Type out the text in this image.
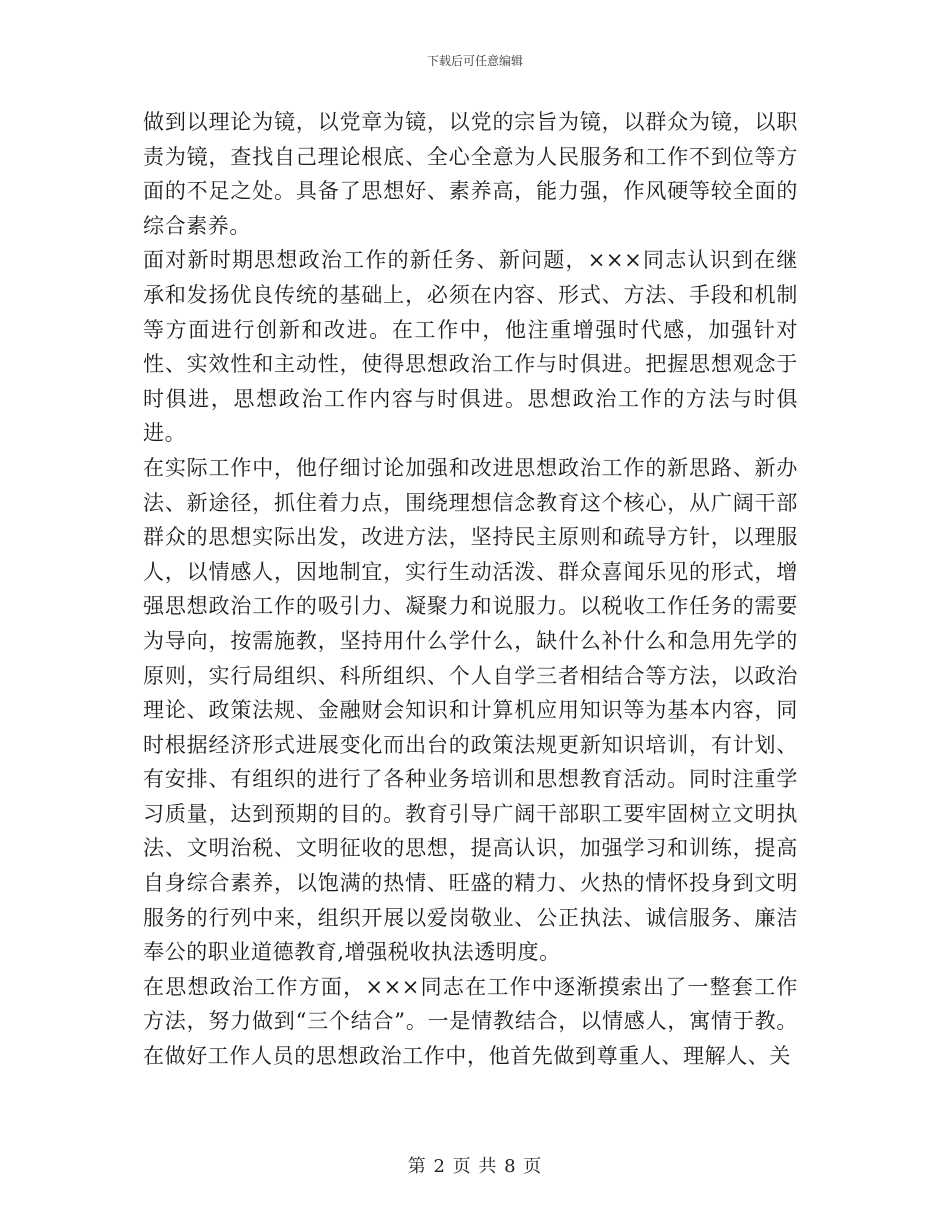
下载后可任意编辑

做到以理论为镜，以党章为镜，以党的宗旨为镜，以群众为镜，以职责为镜，查找自己理论根底、全心全意为人民服务和工作不到位等方面的不足之处。具备了思想好、素养高，能力强，作风硬等较全面的综合素养。

面对新时期思想政治工作的新任务、新问题，×××同志认识到在继承和发扬优良传统的基础上，必须在内容、形式、方法、手段和机制等方面进行创新和改进。在工作中，他注重增强时代感，加强针对性、实效性和主动性，使得思想政治工作与时俱进。把握思想观念于时俱进，思想政治工作内容与时俱进。思想政治工作的方法与时俱进。

在实际工作中，他仔细讨论加强和改进思想政治工作的新思路、新办法、新途径，抓住着力点，围绕理想信念教育这个核心，从广阔干部群众的思想实际出发，改进方法，坚持民主原则和疏导方针，以理服人，以情感人，因地制宜，实行生动活泼、群众喜闻乐见的形式，增强思想政治工作的吸引力、凝聚力和说服力。以税收工作任务的需要为导向，按需施教，坚持用什么学什么，缺什么补什么和急用先学的原则，实行局组织、科所组织、个人自学三者相结合等方法，以政治理论、政策法规、金融财会知识和计算机应用知识等为基本内容，同时根据经济形式进展变化而出台的政策法规更新知识培训，有计划、有安排、有组织的进行了各种业务培训和思想教育活动。同时注重学习质量，达到预期的目的。教育引导广阔干部职工要牢固树立文明执法、文明治税、文明征收的思想，提高认识，加强学习和训练，提高自身综合素养，以饱满的热情、旺盛的精力、火热的情怀投身到文明服务的行列中来，组织开展以爱岗敬业、公正执法、诚信服务、廉洁奉公的职业道德教育,增强税收执法透明度。

在思想政治工作方面，×××同志在工作中逐渐摸索出了一整套工作方法，努力做到“三个结合”。一是情教结合，以情感人，寓情于教。在做好工作人员的思想政治工作中，他首先做到尊重人、理解人、关

第 2 页 共 8 页
